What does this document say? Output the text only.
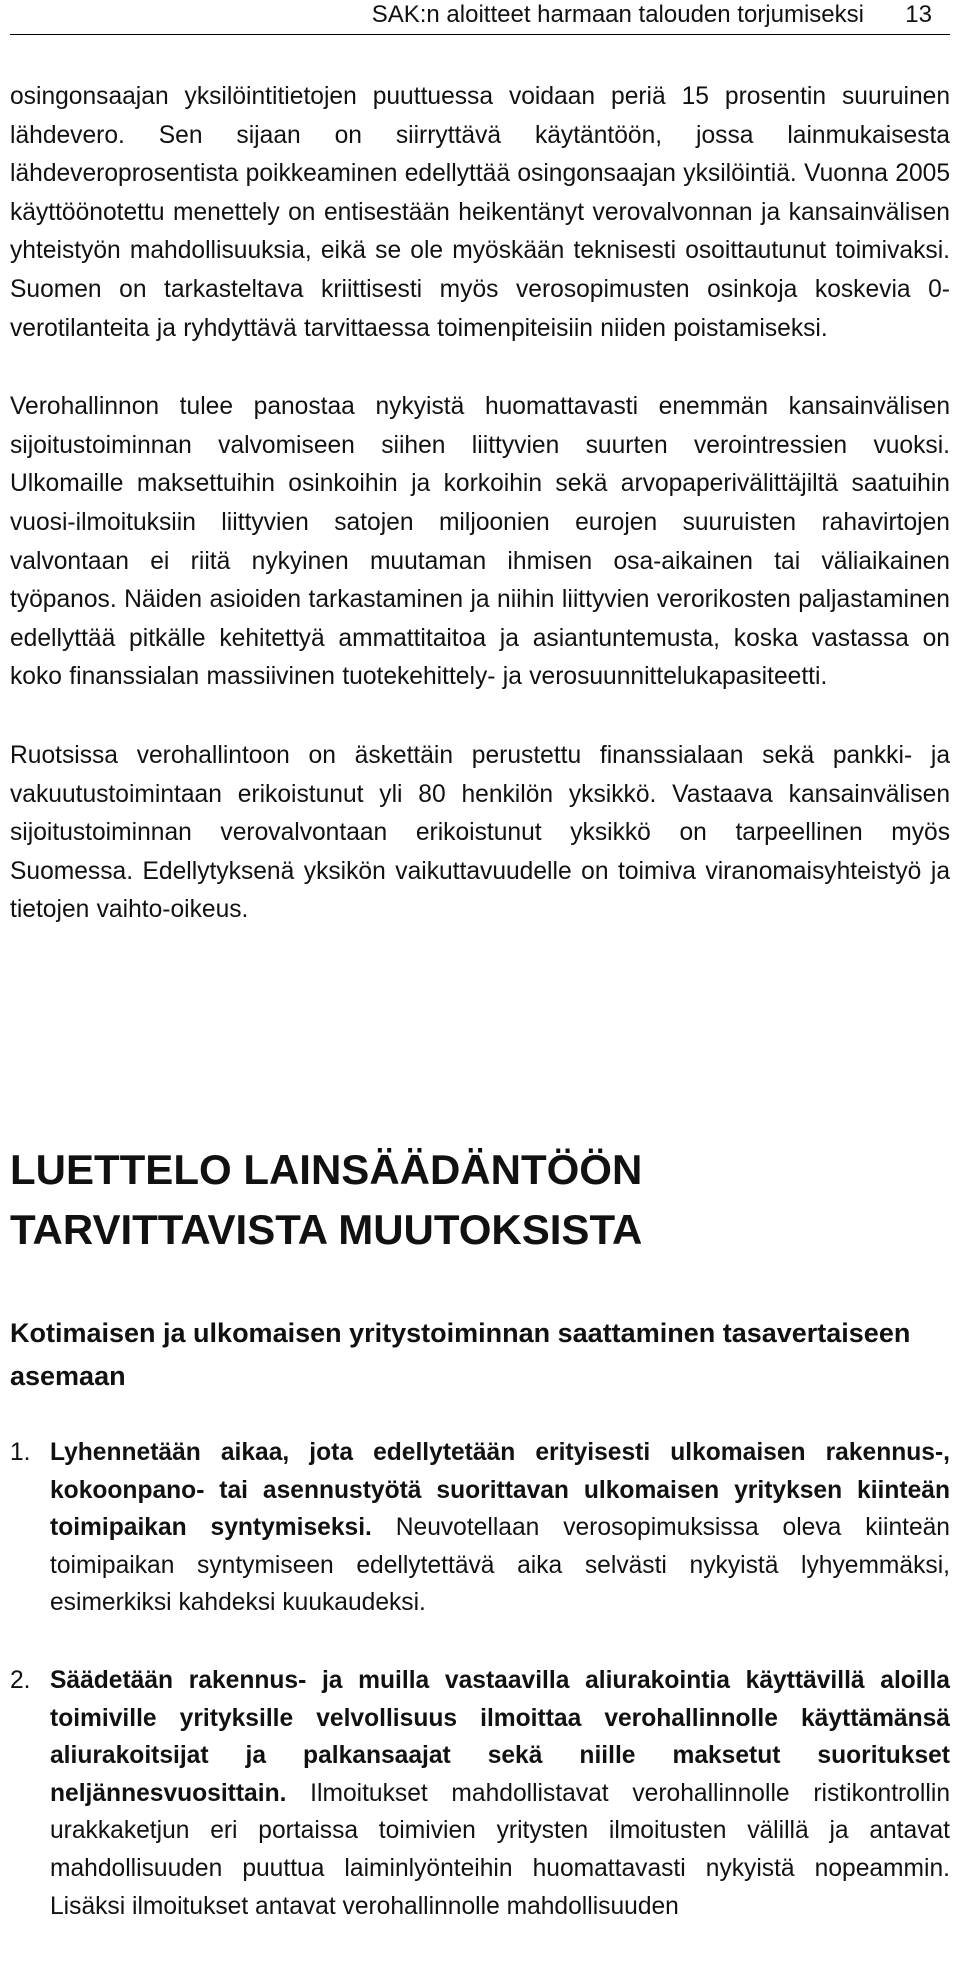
SAK:n aloitteet harmaan talouden torjumiseksi 13

osingonsaajan yksilöintitietojen puuttuessa voidaan periä 15 prosentin suuruinen lähdevero. Sen sijaan on siirryttävä käytäntöön, jossa lainmukaisesta lähdeveroprosentista poikkeaminen edellyttää osingonsaajan yksilöintiä. Vuonna 2005 käyttöönotettu menettely on entisestään heikentänyt verovalvonnan ja kansainvälisen yhteistyön mahdollisuuksia, eikä se ole myöskään teknisesti osoittautunut toimivaksi. Suomen on tarkasteltava kriittisesti myös verosopimusten osinkoja koskevia 0-verotilanteita ja ryhdyttävä tarvittaessa toimenpiteisiin niiden poistamiseksi.

Verohallinnon tulee panostaa nykyistä huomattavasti enemmän kansainvälisen sijoitustoiminnan valvomiseen siihen liittyvien suurten verointressien vuoksi. Ulkomaille maksettuihin osinkoihin ja korkoihin sekä arvopaperivälittäjiltä saatuihin vuosi-ilmoituksiin liittyvien satojen miljoonien eurojen suuruisten rahavirtojen valvontaan ei riitä nykyinen muutaman ihmisen osa-aikainen tai väliaikainen työpanos. Näiden asioiden tarkastaminen ja niihin liittyvien verorikosten paljastaminen edellyttää pitkälle kehitettyä ammattitaitoa ja asiantuntemusta, koska vastassa on koko finanssialan massiivinen tuotekehittely- ja verosuunnittelukapasiteetti.

Ruotsissa verohallintoon on äskettäin perustettu finanssialaan sekä pankki- ja vakuutustoimintaan erikoistunut yli 80 henkilön yksikkö. Vastaava kansainvälisen sijoitustoiminnan verovalvontaan erikoistunut yksikkö on tarpeellinen myös Suomessa. Edellytyksenä yksikön vaikuttavuudelle on toimiva viranomaisyhteistyö ja tietojen vaihto-oikeus.

LUETTELO LAINSÄÄDÄNTÖÖN TARVITTAVISTA MUUTOKSISTA
Kotimaisen ja ulkomaisen yritystoiminnan saattaminen tasavertaiseen asemaan
1. Lyhennetään aikaa, jota edellytetään erityisesti ulkomaisen rakennus-, kokoonpano- tai asennustyötä suorittavan ulkomaisen yrityksen kiinteän toimipaikan syntymiseksi. Neuvotellaan verosopimuksissa oleva kiinteän toimipaikan syntymiseen edellytettävä aika selvästi nykyistä lyhyemmäksi, esimerkiksi kahdeksi kuukaudeksi.

2. Säädetään rakennus- ja muilla vastaavilla aliurakointia käyttävillä aloilla toimiville yrityksille velvollisuus ilmoittaa verohallinnolle käyttämänsä aliurakoitsijat ja palkansaajat sekä niille maksetut suoritukset neljännesvuosittain. Ilmoitukset mahdollistavat verohallinnolle ristikontrollin urakkaketjun eri portaissa toimivien yritysten ilmoitusten välillä ja antavat mahdollisuuden puuttua laiminlyönteihin huomattavasti nykyistä nopeammin. Lisäksi ilmoitukset antavat verohallinnolle mahdollisuuden
